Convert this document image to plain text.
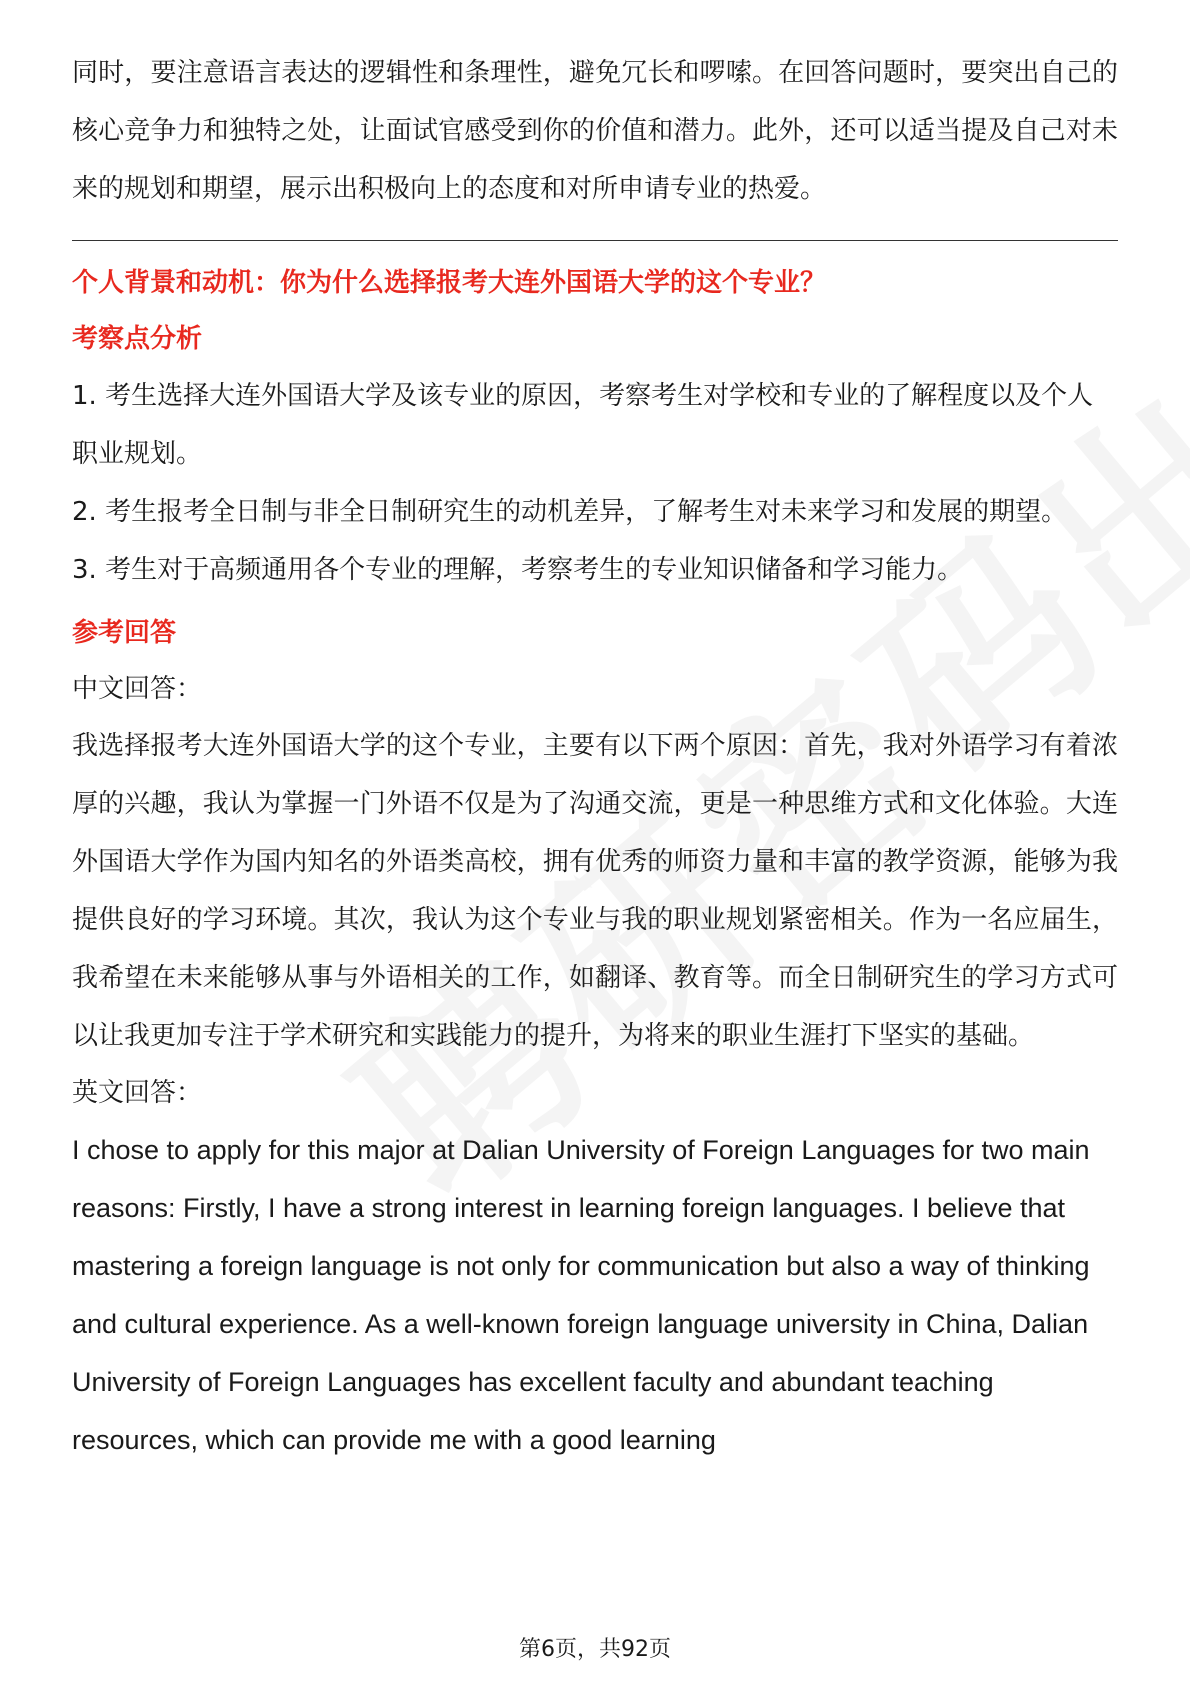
同时，要注意语言表达的逻辑性和条理性，避免冗长和啰嗦。在回答问题时，要突出自己的核心竞争力和独特之处，让面试官感受到你的价值和潜力。此外，还可以适当提及自己对未来的规划和期望，展示出积极向上的态度和对所申请专业的热爱。

个人背景和动机：你为什么选择报考大连外国语大学的这个专业？

考察点分析

1. 考生选择大连外国语大学及该专业的原因，考察考生对学校和专业的了解程度以及个人职业规划。

2. 考生报考全日制与非全日制研究生的动机差异，了解考生对未来学习和发展的期望。

3. 考生对于高频通用各个专业的理解，考察考生的专业知识储备和学习能力。

参考回答

中文回答：

我选择报考大连外国语大学的这个专业，主要有以下两个原因：首先，我对外语学习有着浓厚的兴趣，我认为掌握一门外语不仅是为了沟通交流，更是一种思维方式和文化体验。大连外国语大学作为国内知名的外语类高校，拥有优秀的师资力量和丰富的教学资源，能够为我提供良好的学习环境。其次，我认为这个专业与我的职业规划紧密相关。作为一名应届生，我希望在未来能够从事与外语相关的工作，如翻译、教育等。而全日制研究生的学习方式可以让我更加专注于学术研究和实践能力的提升，为将来的职业生涯打下坚实的基础。

英文回答：

I chose to apply for this major at Dalian University of Foreign Languages for two main reasons: Firstly, I have a strong interest in learning foreign languages. I believe that mastering a foreign language is not only for communication but also a way of thinking and cultural experience. As a well-known foreign language university in China, Dalian University of Foreign Languages has excellent faculty and abundant teaching resources, which can provide me with a good learning

第6页，共92页
